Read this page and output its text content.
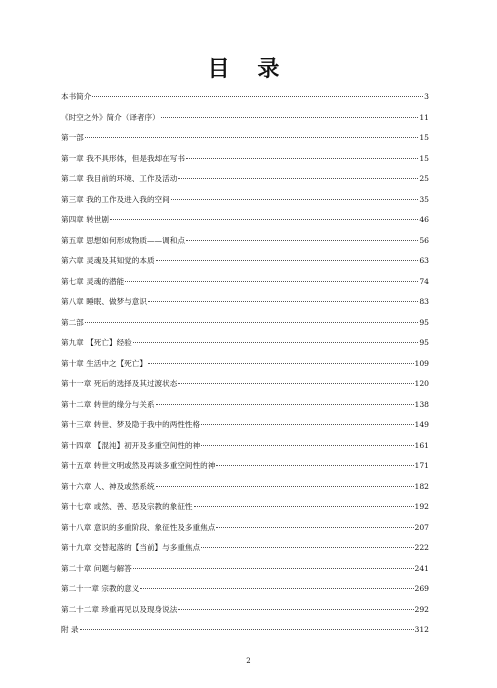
目 录
本书简介	3
《时空之外》简介（译者序）	11
第一部	15
第一章 我不具形体，但是我却在写书	15
第二章 我目前的环境、工作及活动	25
第三章 我的工作及进入我的空间	35
第四章 转世剧	46
第五章 思想如何形成物质——调和点	56
第六章 灵魂及其知觉的本质	63
第七章 灵魂的潜能	74
第八章 睡眠、做梦与意识	83
第二部	95
第九章 【死亡】经验	95
第十章 生活中之【死亡】	109
第十一章 死后的选择及其过渡状态	120
第十二章 转世的缘分与关系	138
第十三章 转世、梦及隐于我中的两性性格	149
第十四章 【混沌】初开及多重空间性的神	161
第十五章 转世文明或然及再谈多重空间性的神	171
第十六章 人、神及或然系统	182
第十七章 或然、善、恶及宗教的象征性	192
第十八章 意识的多重阶段、象征性及多重焦点	207
第十九章 交替起落的【当前】与多重焦点	222
第二十章 问题与解答	241
第二十一章 宗教的意义	269
第二十二章 珍重再见以及现身说法	292
附 录	312
2
